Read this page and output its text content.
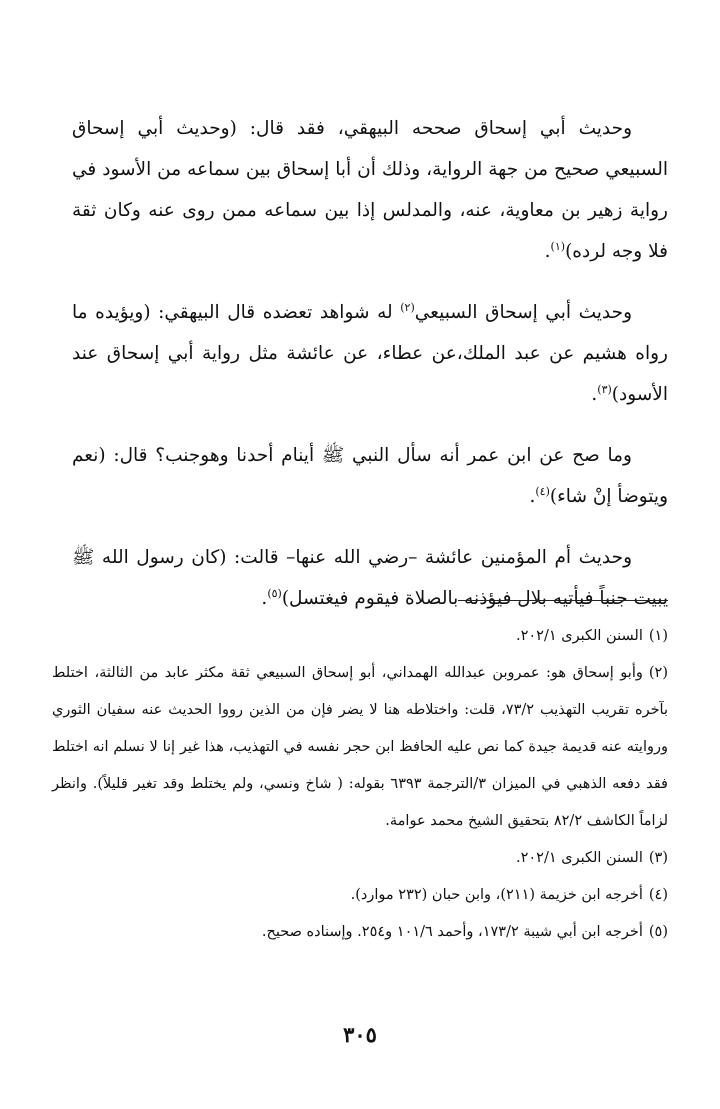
وحديث أبي إسحاق صححه البيهقي، فقد قال: (وحديث أبي إسحاق السبيعي صحيح من جهة الرواية، وذلك أن أبا إسحاق بين سماعه من الأسود في رواية زهير بن معاوية، عنه، والمدلس إذا بين سماعه ممن روى عنه وكان ثقة فلا وجه لرده)$^{(١)}$.

وحديث أبي إسحاق السبيعي$^{(٢)}$ له شواهد تعضده قال البيهقي: (ويؤيده ما رواه هشيم عن عبد الملك،عن عطاء، عن عائشة مثل رواية أبي إسحاق عند الأسود)$^{(٣)}$.

وما صح عن ابن عمر أنه سأل النبي ﷺ أينام أحدنا وهوجنب؟ قال: (نعم ويتوضأ إنْ شاء)$^{(٤)}$.

وحديث أم المؤمنين عائشة –رضي الله عنها– قالت: (كان رسول الله ﷺ يبيت جنباً فيأتيه بلال فيؤذنه بالصلاة فيقوم فيغتسل)$^{(٥)}$.

(١)السنن الكبرى ٢٠٢/١.

(٢)وأبو إسحاق هو: عمروبن عبدالله الهمداني، أبو إسحاق السبيعي ثقة مكثر عابد من الثالثة، اختلط بآخره تقريب التهذيب ٧٣/٢، قلت: واختلاطه هنا لا يضر فإن من الذين رووا الحديث عنه سفيان الثوري وروايته عنه قديمة جيدة كما نص عليه الحافظ ابن حجر نفسه في التهذيب، هذا غير إنا لا نسلم انه اختلط فقد دفعه الذهبي في الميزان ٣/الترجمة ٦٣٩٣ بقوله: ( شاخ ونسي، ولم يختلط وقد تغير قليلاً). وانظر لزاماً الكاشف ٨٢/٢ بتحقيق الشيخ محمد عوامة.

(٣)السنن الكبرى ٢٠٢/١.

(٤)أخرجه ابن خزيمة (٢١١)، وابن حبان (٢٣٢ موارد).

(٥)أخرجه ابن أبي شيبة ١٧٣/٢، وأحمد ١٠١/٦ و٢٥٤. وإسناده صحيح.

٣٠٥
